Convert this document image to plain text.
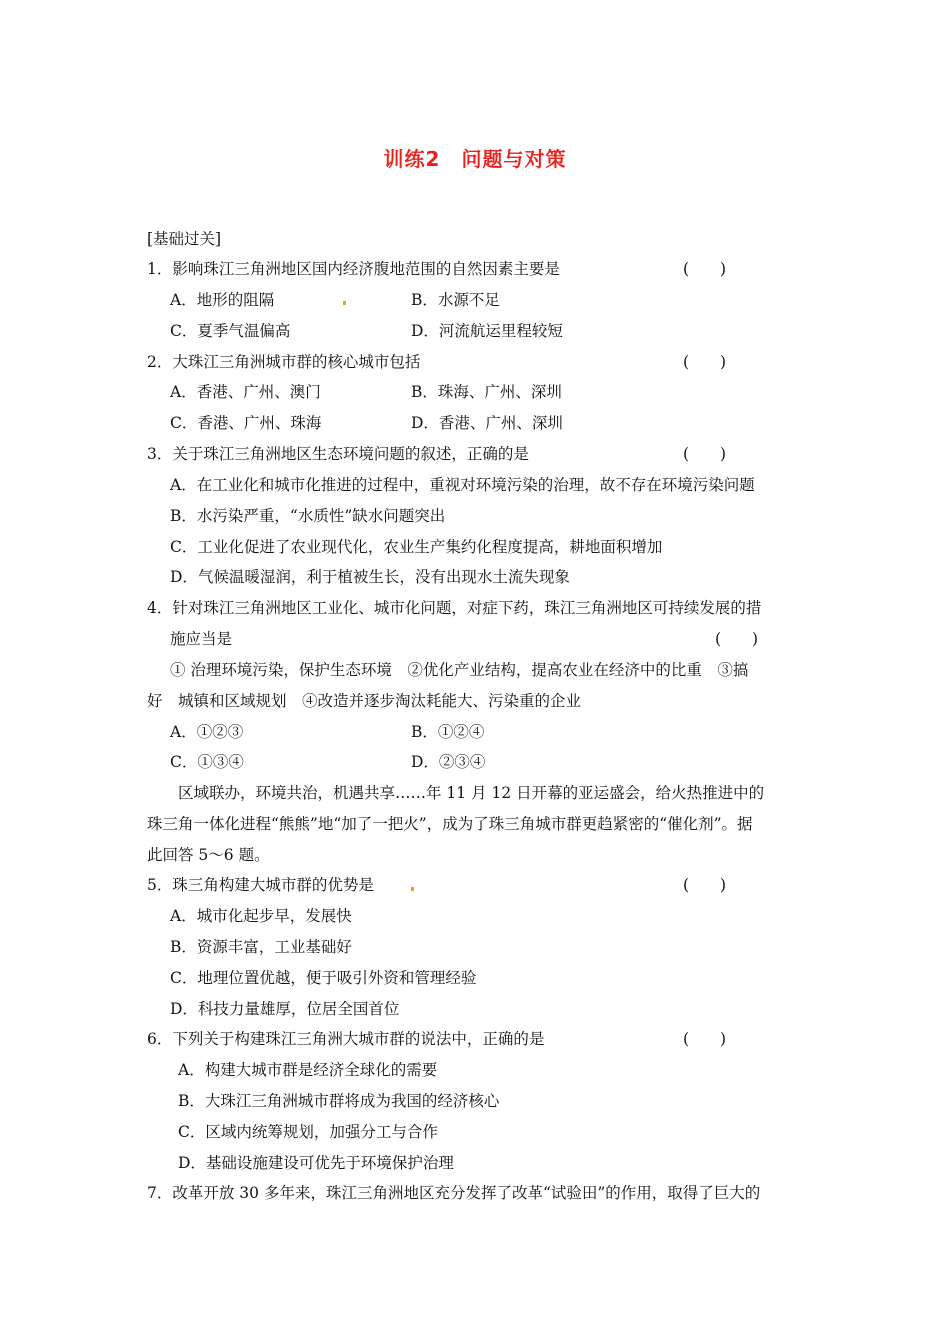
训练2　问题与对策
[基础过关]
1．影响珠江三角洲地区国内经济腹地范围的自然因素主要是	(　　)
A．地形的阻隔	B．水源不足
C．夏季气温偏高	D．河流航运里程较短
2．大珠江三角洲城市群的核心城市包括	(　　)
A．香港、广州、澳门	B．珠海、广州、深圳
C．香港、广州、珠海	D．香港、广州、深圳
3．关于珠江三角洲地区生态环境问题的叙述，正确的是	(　　)
A．在工业化和城市化推进的过程中，重视对环境污染的治理，故不存在环境污染问题
B．水污染严重，“水质性”缺水问题突出
C．工业化促进了农业现代化，农业生产集约化程度提高，耕地面积增加
D．气候温暖湿润，利于植被生长，没有出现水土流失现象
4．针对珠江三角洲地区工业化、城市化问题，对症下药，珠江三角洲地区可持续发展的措
施应当是	(　　)
① 治理环境污染，保护生态环境　②优化产业结构，提高农业在经济中的比重　③搞
好　城镇和区域规划　④改造并逐步淘汰耗能大、污染重的企业
A．①②③	B．①②④
C．①③④	D．②③④
区域联办，环境共治，机遇共享……年 11 月 12 日开幕的亚运盛会，给火热推进中的
珠三角一体化进程“熊熊”地“加了一把火”，成为了珠三角城市群更趋紧密的“催化剂”。据
此回答 5～6 题。
5．珠三角构建大城市群的优势是	(　　)
A．城市化起步早，发展快
B．资源丰富，工业基础好
C．地理位置优越，便于吸引外资和管理经验
D．科技力量雄厚，位居全国首位
6．下列关于构建珠江三角洲大城市群的说法中，正确的是	(　　)
A．构建大城市群是经济全球化的需要
B．大珠江三角洲城市群将成为我国的经济核心
C．区域内统筹规划，加强分工与合作
D．基础设施建设可优先于环境保护治理
7．改革开放 30 多年来，珠江三角洲地区充分发挥了改革“试验田”的作用，取得了巨大的
